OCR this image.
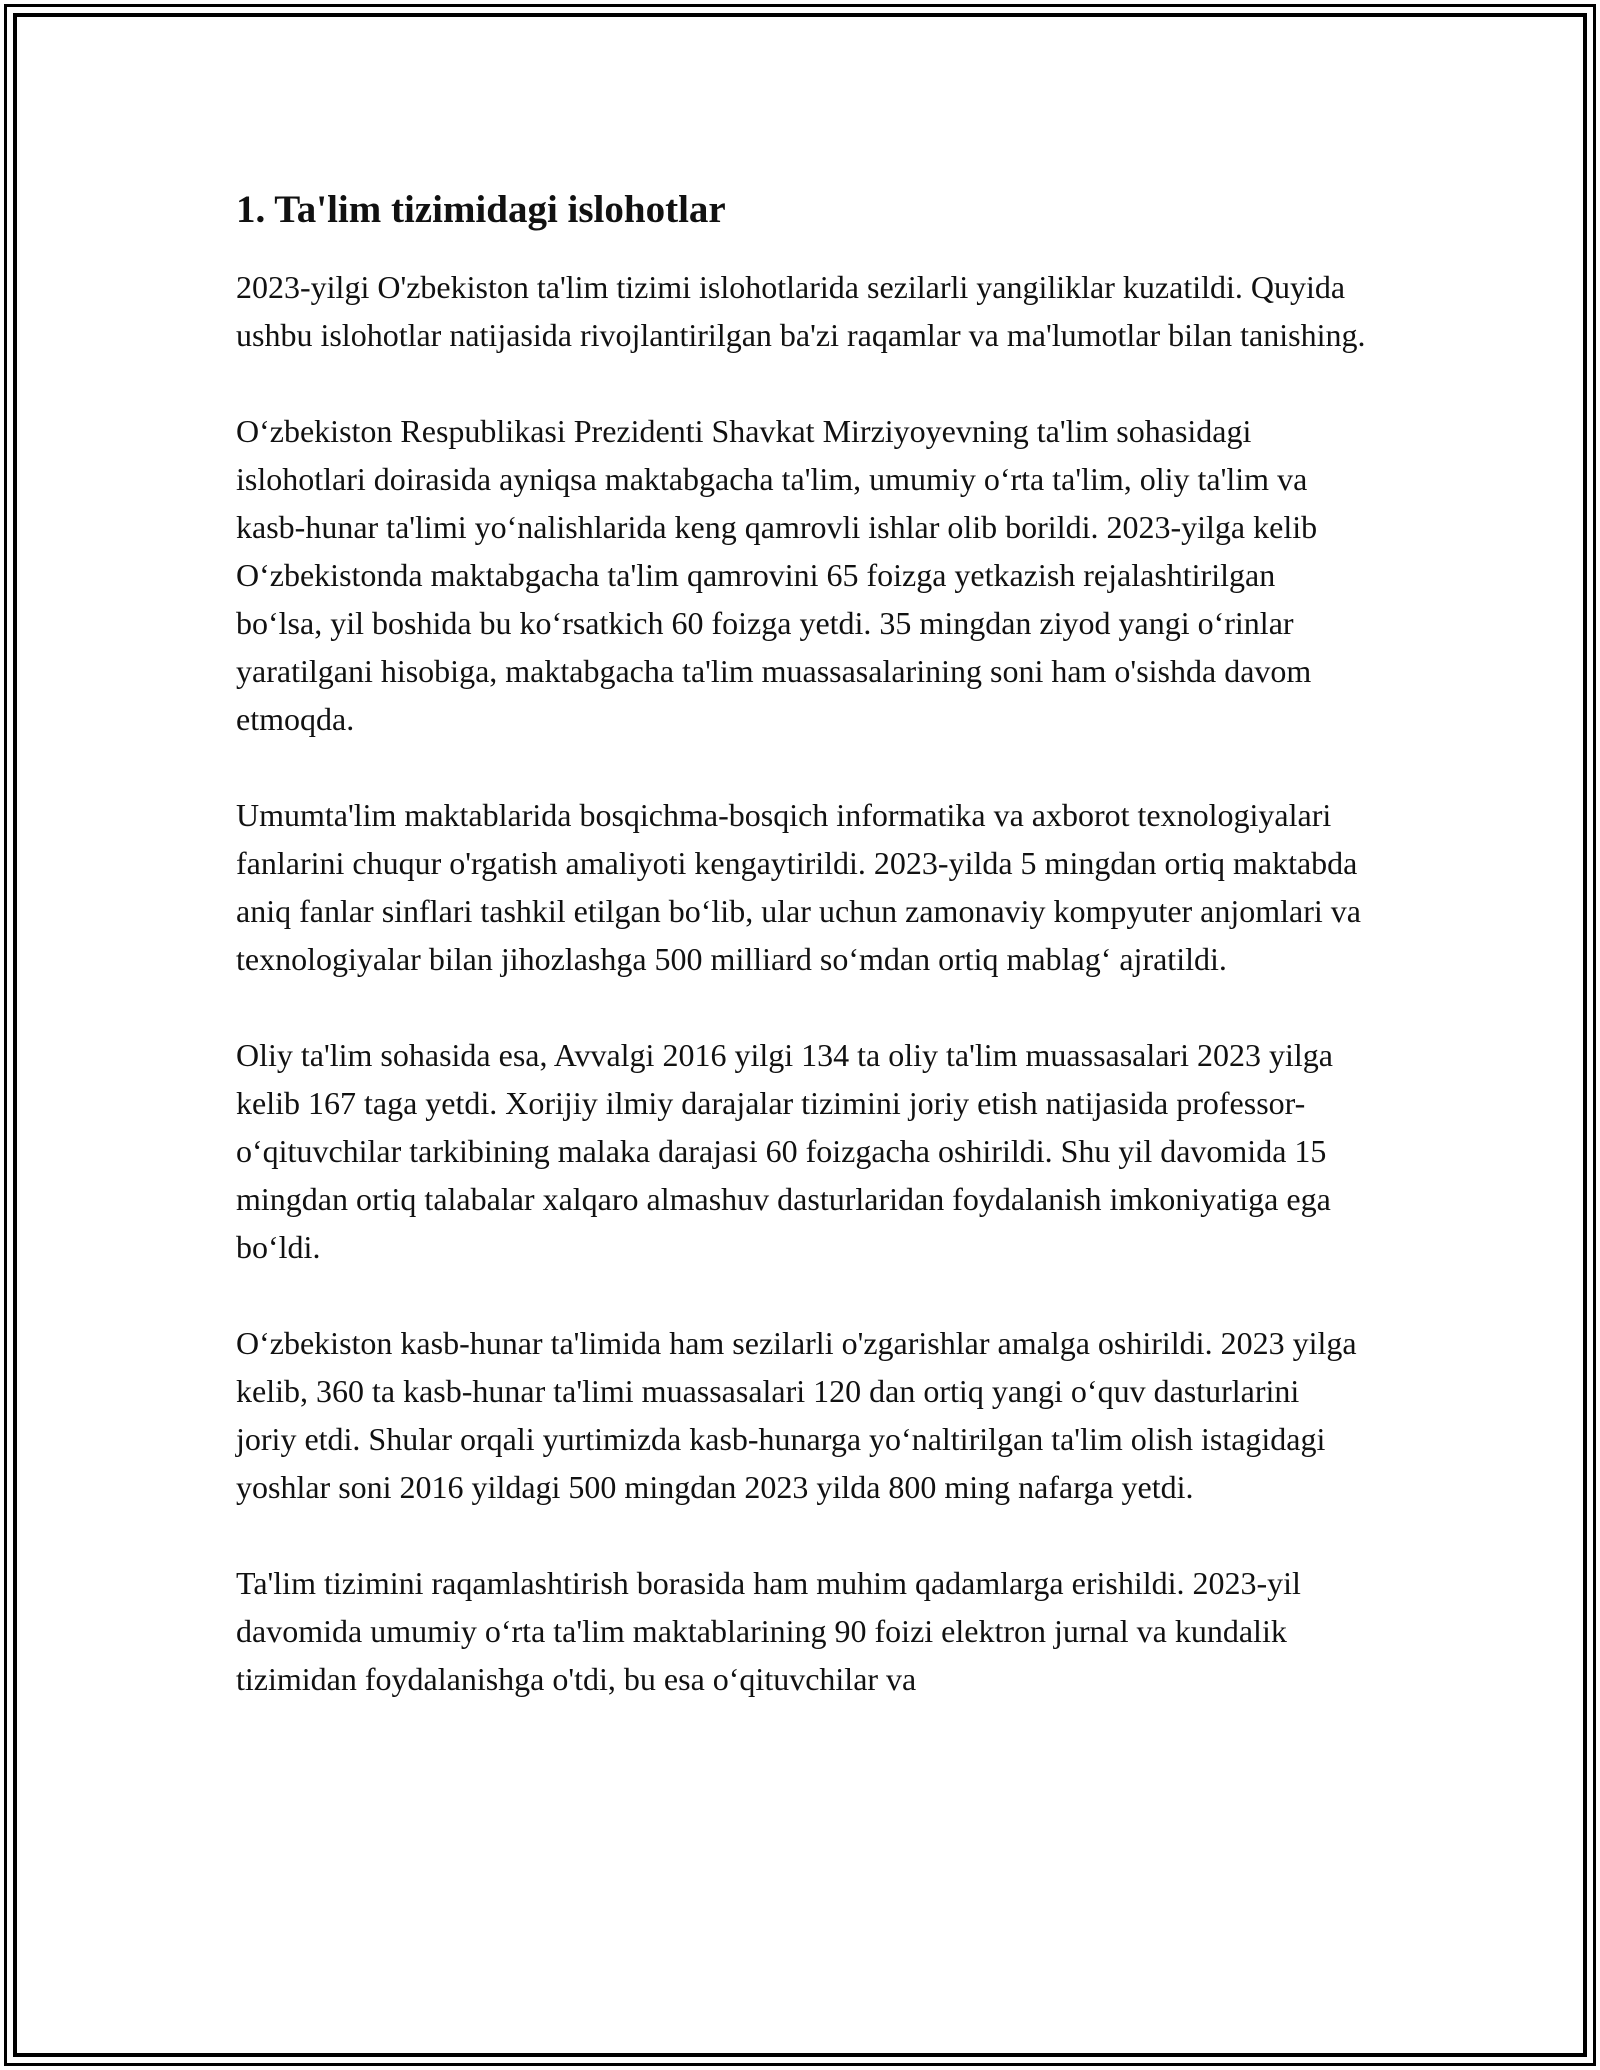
1. Ta'lim tizimidagi islohotlar

2023-yilgi O'zbekiston ta'lim tizimi islohotlarida sezilarli yangiliklar kuzatildi. Quyida ushbu islohotlar natijasida rivojlantirilgan ba'zi raqamlar va ma'lumotlar bilan tanishing.

O‘zbekiston Respublikasi Prezidenti Shavkat Mirziyoyevning ta'lim sohasidagi islohotlari doirasida ayniqsa maktabgacha ta'lim, umumiy o‘rta ta'lim, oliy ta'lim va kasb-hunar ta'limi yo‘nalishlarida keng qamrovli ishlar olib borildi. 2023-yilga kelib O‘zbekistonda maktabgacha ta'lim qamrovini 65 foizga yetkazish rejalashtirilgan bo‘lsa, yil boshida bu ko‘rsatkich 60 foizga yetdi. 35 mingdan ziyod yangi o‘rinlar yaratilgani hisobiga, maktabgacha ta'lim muassasalarining soni ham o'sishda davom etmoqda.

Umumta'lim maktablarida bosqichma-bosqich informatika va axborot texnologiyalari fanlarini chuqur o'rgatish amaliyoti kengaytirildi. 2023-yilda 5 mingdan ortiq maktabda aniq fanlar sinflari tashkil etilgan bo‘lib, ular uchun zamonaviy kompyuter anjomlari va texnologiyalar bilan jihozlashga 500 milliard so‘mdan ortiq mablag‘ ajratildi.

Oliy ta'lim sohasida esa, Avvalgi 2016 yilgi 134 ta oliy ta'lim muassasalari 2023 yilga kelib 167 taga yetdi. Xorijiy ilmiy darajalar tizimini joriy etish natijasida professor-o‘qituvchilar tarkibining malaka darajasi 60 foizgacha oshirildi. Shu yil davomida 15 mingdan ortiq talabalar xalqaro almashuv dasturlaridan foydalanish imkoniyatiga ega bo‘ldi.

O‘zbekiston kasb-hunar ta'limida ham sezilarli o'zgarishlar amalga oshirildi. 2023 yilga kelib, 360 ta kasb-hunar ta'limi muassasalari 120 dan ortiq yangi o‘quv dasturlarini joriy etdi. Shular orqali yurtimizda kasb-hunarga yo‘naltirilgan ta'lim olish istagidagi yoshlar soni 2016 yildagi 500 mingdan 2023 yilda 800 ming nafarga yetdi.

Ta'lim tizimini raqamlashtirish borasida ham muhim qadamlarga erishildi. 2023-yil davomida umumiy o‘rta ta'lim maktablarining 90 foizi elektron jurnal va kundalik tizimidan foydalanishga o'tdi, bu esa o‘qituvchilar va
